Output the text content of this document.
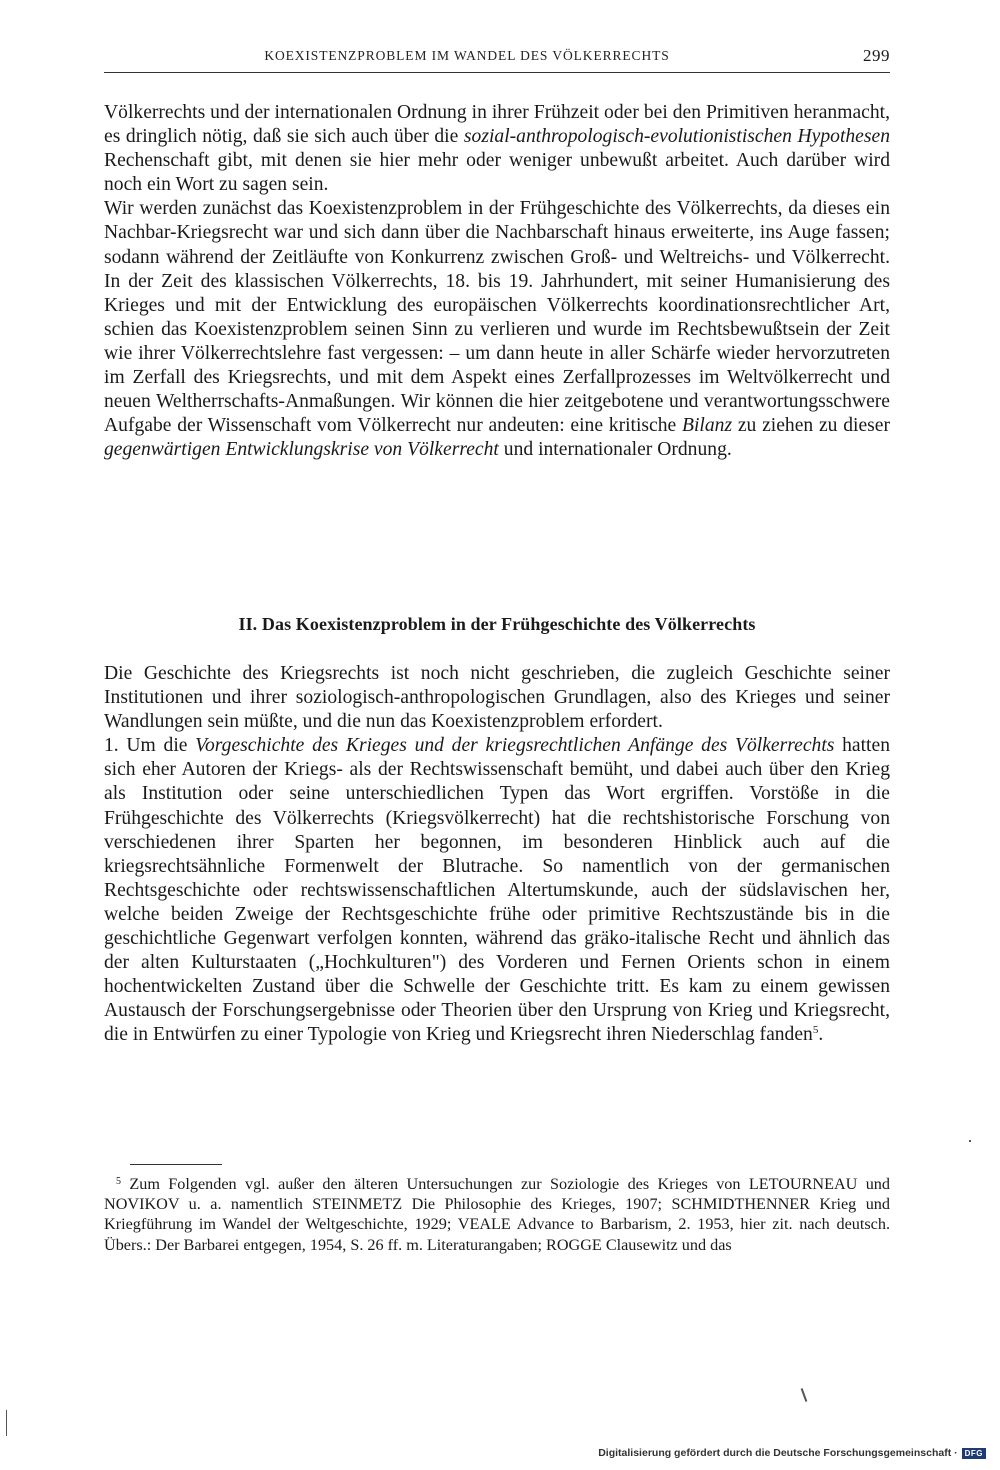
KOEXISTENZPROBLEM IM WANDEL DES VÖLKERRECHTS	299

Völkerrechts und der internationalen Ordnung in ihrer Frühzeit oder bei den Primitiven heranmacht, es dringlich nötig, daß sie sich auch über die sozial-anthropologisch-evolutionistischen Hypothesen Rechenschaft gibt, mit denen sie hier mehr oder weniger unbewußt arbeitet. Auch darüber wird noch ein Wort zu sagen sein.

Wir werden zunächst das Koexistenzproblem in der Frühgeschichte des Völkerrechts, da dieses ein Nachbar-Kriegsrecht war und sich dann über die Nachbarschaft hinaus erweiterte, ins Auge fassen; sodann während der Zeitläufte von Konkurrenz zwischen Groß- und Weltreichs- und Völkerrecht. In der Zeit des klassischen Völkerrechts, 18. bis 19. Jahrhundert, mit seiner Humanisierung des Krieges und mit der Entwicklung des europäischen Völkerrechts koordinationsrechtlicher Art, schien das Koexistenzproblem seinen Sinn zu verlieren und wurde im Rechtsbewußtsein der Zeit wie ihrer Völkerrechtslehre fast vergessen: – um dann heute in aller Schärfe wieder hervorzutreten im Zerfall des Kriegsrechts, und mit dem Aspekt eines Zerfallprozesses im Weltvölkerrecht und neuen Weltherrschafts-Anmaßungen. Wir können die hier zeitgebotene und verantwortungsschwere Aufgabe der Wissenschaft vom Völkerrecht nur andeuten: eine kritische Bilanz zu ziehen zu dieser gegenwärtigen Entwicklungskrise von Völkerrecht und internationaler Ordnung.

II. Das Koexistenzproblem in der Frühgeschichte des Völkerrechts

Die Geschichte des Kriegsrechts ist noch nicht geschrieben, die zugleich Geschichte seiner Institutionen und ihrer soziologisch-anthropologischen Grundlagen, also des Krieges und seiner Wandlungen sein müßte, und die nun das Koexistenzproblem erfordert.

1. Um die Vorgeschichte des Krieges und der kriegsrechtlichen Anfänge des Völkerrechts hatten sich eher Autoren der Kriegs- als der Rechtswissenschaft bemüht, und dabei auch über den Krieg als Institution oder seine unterschiedlichen Typen das Wort ergriffen. Vorstöße in die Frühgeschichte des Völkerrechts (Kriegsvölkerrecht) hat die rechtshistorische Forschung von verschiedenen ihrer Sparten her begonnen, im besonderen Hinblick auch auf die kriegsrechtsähnliche Formenwelt der Blutrache. So namentlich von der germanischen Rechtsgeschichte oder rechtswissenschaftlichen Altertumskunde, auch der südslavischen her, welche beiden Zweige der Rechtsgeschichte frühe oder primitive Rechtszustände bis in die geschichtliche Gegenwart verfolgen konnten, während das gräko-italische Recht und ähnlich das der alten Kulturstaaten („Hochkulturen") des Vorderen und Fernen Orients schon in einem hochentwickelten Zustand über die Schwelle der Geschichte tritt. Es kam zu einem gewissen Austausch der Forschungsergebnisse oder Theorien über den Ursprung von Krieg und Kriegsrecht, die in Entwürfen zu einer Typologie von Krieg und Kriegsrecht ihren Niederschlag fanden$^5$.

$^5$ Zum Folgenden vgl. außer den älteren Untersuchungen zur Soziologie des Krieges von LETOURNEAU und NOVIKOV u. a. namentlich STEINMETZ Die Philosophie des Krieges, 1907; SCHMIDTHENNER Krieg und Kriegführung im Wandel der Weltgeschichte, 1929; VEALE Advance to Barbarism, 2. 1953, hier zit. nach deutsch. Übers.: Der Barbarei entgegen, 1954, S. 26 ff. m. Literaturangaben; ROGGE Clausewitz und das

Digitalisierung gefördert durch die Deutsche Forschungsgemeinschaft · DFG
